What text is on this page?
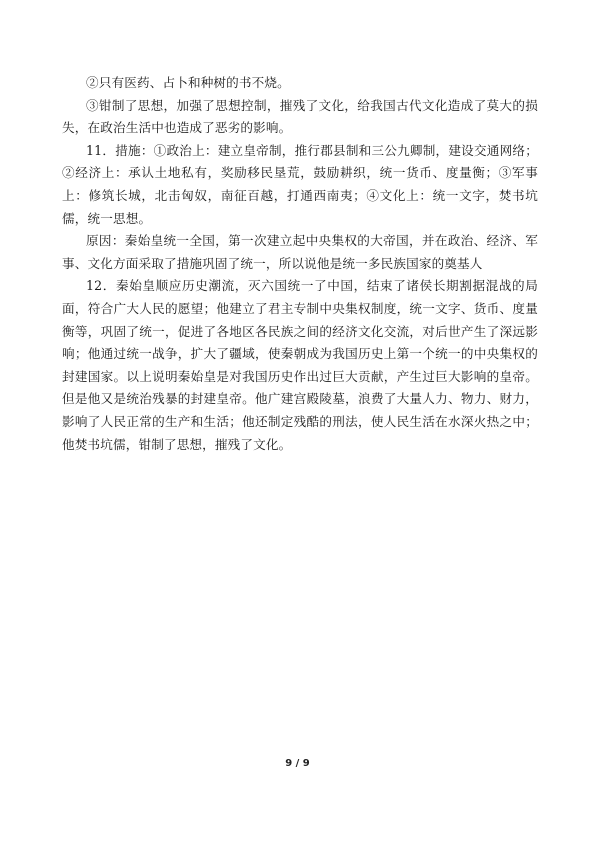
②只有医药、占卜和种树的书不烧。

③钳制了思想，加强了思想控制，摧残了文化，给我国古代文化造成了莫大的损失，在政治生活中也造成了恶劣的影响。

11．措施：①政治上：建立皇帝制，推行郡县制和三公九卿制，建设交通网络；②经济上：承认土地私有，奖励移民垦荒，鼓励耕织，统一货币、度量衡；③军事上：修筑长城，北击匈奴，南征百越，打通西南夷；④文化上：统一文字，焚书坑儒，统一思想。

原因：秦始皇统一全国，第一次建立起中央集权的大帝国，并在政治、经济、军事、文化方面采取了措施巩固了统一，所以说他是统一多民族国家的奠基人

12．秦始皇顺应历史潮流，灭六国统一了中国，结束了诸侯长期割据混战的局面，符合广大人民的愿望；他建立了君主专制中央集权制度，统一文字、货币、度量衡等，巩固了统一，促进了各地区各民族之间的经济文化交流，对后世产生了深远影响；他通过统一战争，扩大了疆域，使秦朝成为我国历史上第一个统一的中央集权的封建国家。以上说明秦始皇是对我国历史作出过巨大贡献，产生过巨大影响的皇帝。但是他又是统治残暴的封建皇帝。他广建宫殿陵墓，浪费了大量人力、物力、财力，影响了人民正常的生产和生活；他还制定残酷的刑法，使人民生活在水深火热之中；他焚书坑儒，钳制了思想，摧残了文化。

9 / 9
